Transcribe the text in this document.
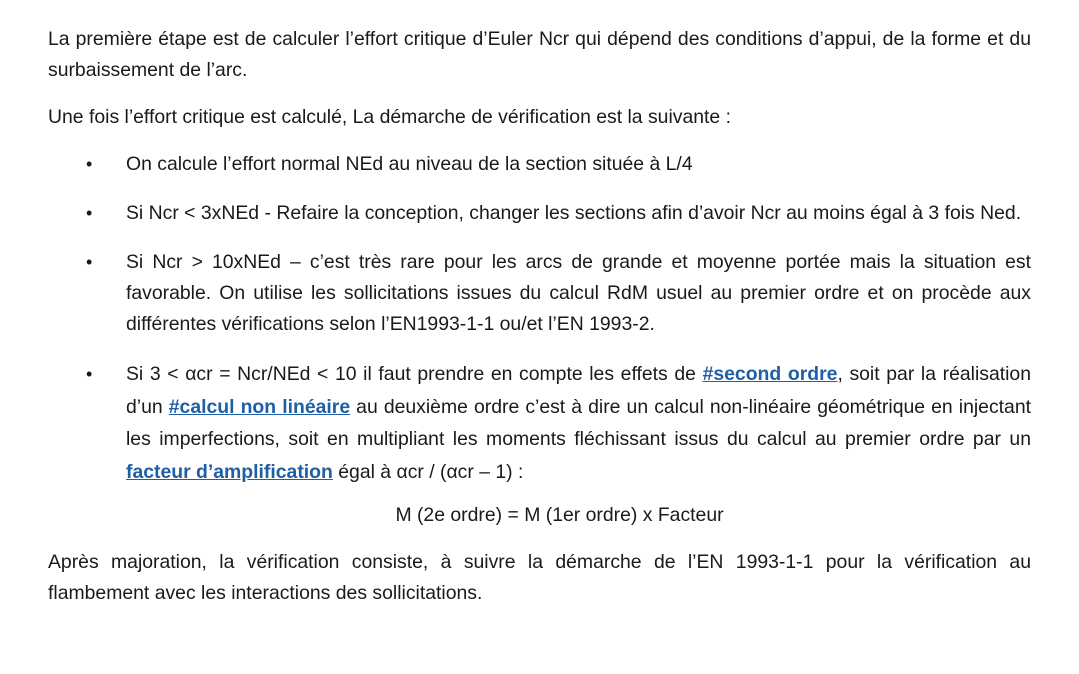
La première étape est de calculer l’effort critique d’Euler Ncr qui dépend des conditions d’appui, de la forme et du surbaissement de l’arc.

Une fois l’effort critique est calculé, La démarche de vérification est la suivante :

• On calcule l’effort normal NEd au niveau de la section située à L/4
• Si Ncr < 3xNEd - Refaire la conception, changer les sections afin d’avoir Ncr au moins égal à 3 fois Ned.
• Si Ncr > 10xNEd – c’est très rare pour les arcs de grande et moyenne portée mais la situation est favorable. On utilise les sollicitations issues du calcul RdM usuel au premier ordre et on procède aux différentes vérifications selon l’EN1993-1-1 ou/et l’EN 1993-2.
• Si 3 < αcr = Ncr/NEd < 10 il faut prendre en compte les effets de #second ordre, soit par la réalisation d’un #calcul non linéaire au deuxième ordre c’est à dire un calcul non-linéaire géométrique en injectant les imperfections, soit en multipliant les moments fléchissant issus du calcul au premier ordre par un facteur d’amplification égal à αcr / (αcr – 1) :

M (2e ordre) = M (1er ordre) x Facteur

Après majoration, la vérification consiste, à suivre la démarche de l’EN 1993-1-1 pour la vérification au flambement avec les interactions des sollicitations.
